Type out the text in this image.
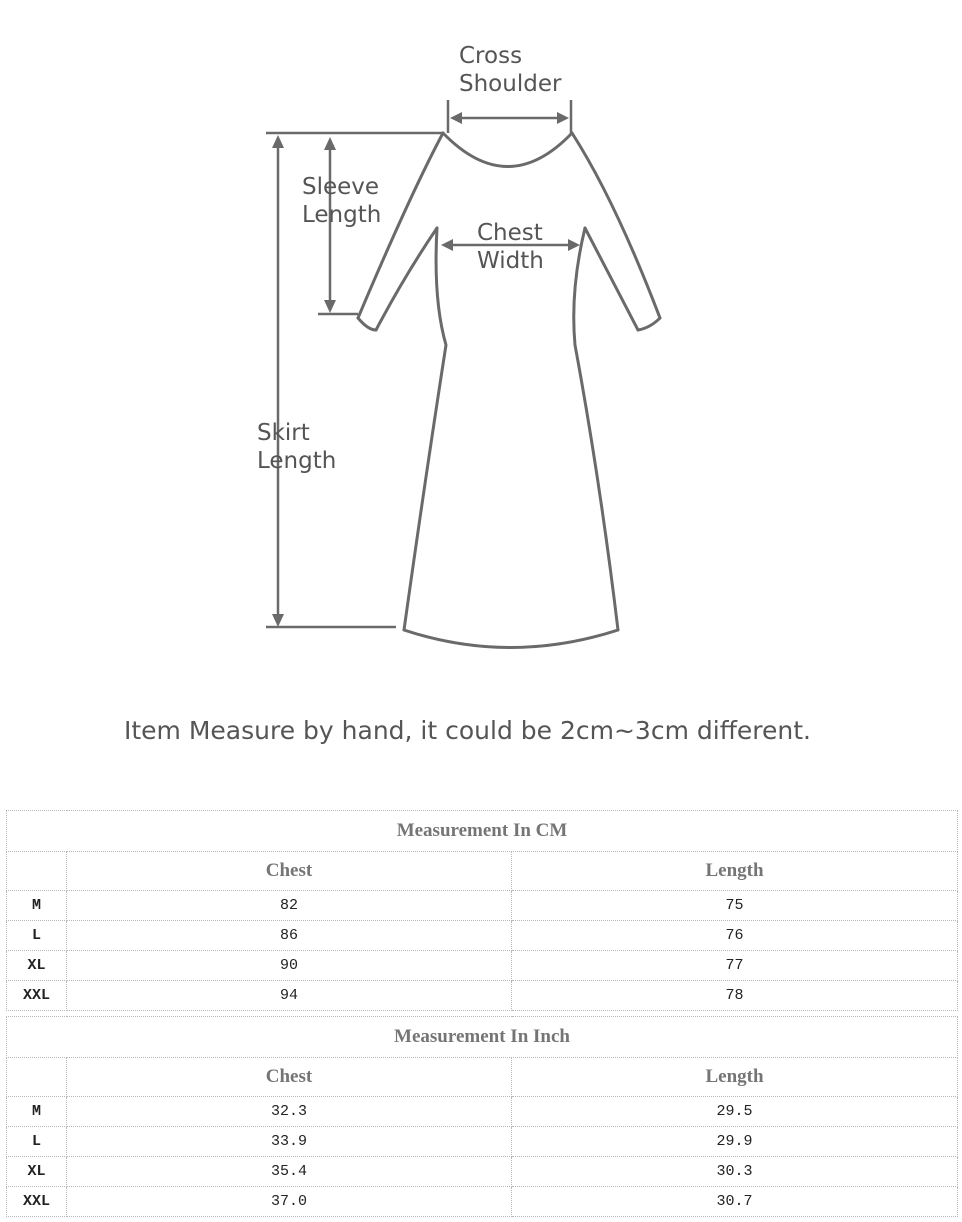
Cross
Shoulder
Sleeve
Length
Chest
Width
Skirt
Length
Item Measure by hand, it could be 2cm~3cm different.
Measurement In CM		
	Chest	Length
M	82	75
L	86	76
XL	90	77
XXL	94	78
Measurement In Inch		
	Chest	Length
M	32.3	29.5
L	33.9	29.9
XL	35.4	30.3
XXL	37.0	30.7
